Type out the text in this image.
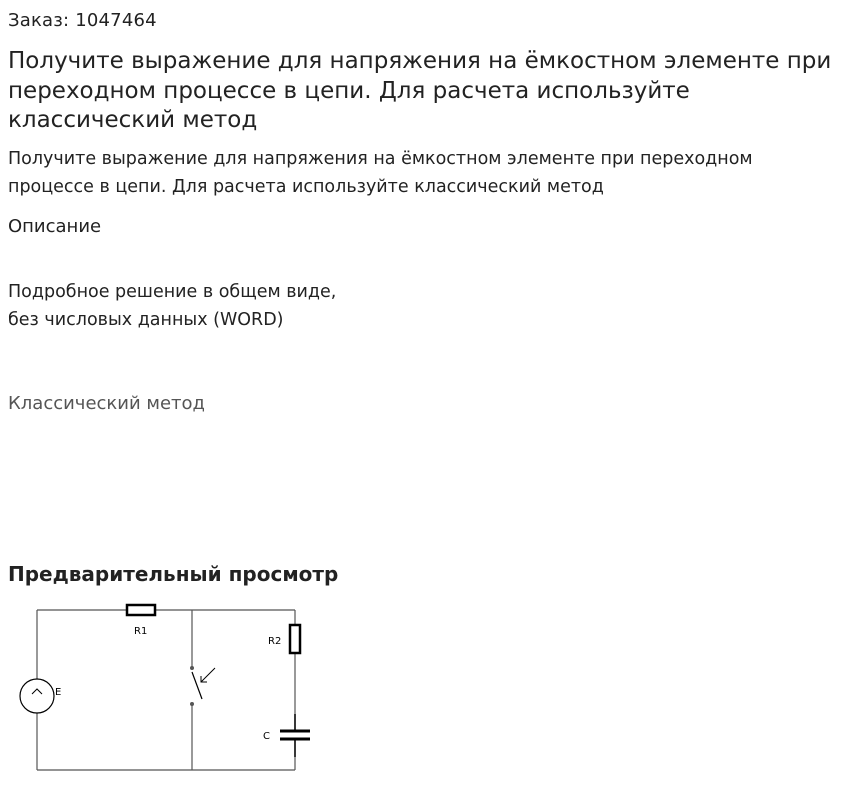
Заказ: 1047464
Получите выражение для напряжения на ёмкостном элементе при переходном процессе в цепи. Для расчета используйте классический метод

Получите выражение для напряжения на ёмкостном элементе при переходном процессе в цепи. Для расчета используйте классический метод

Описание
Подробное решение в общем виде,
без числовых данных (WORD)
Классический метод
Предварительный просмотр
R1
R2
C
E
